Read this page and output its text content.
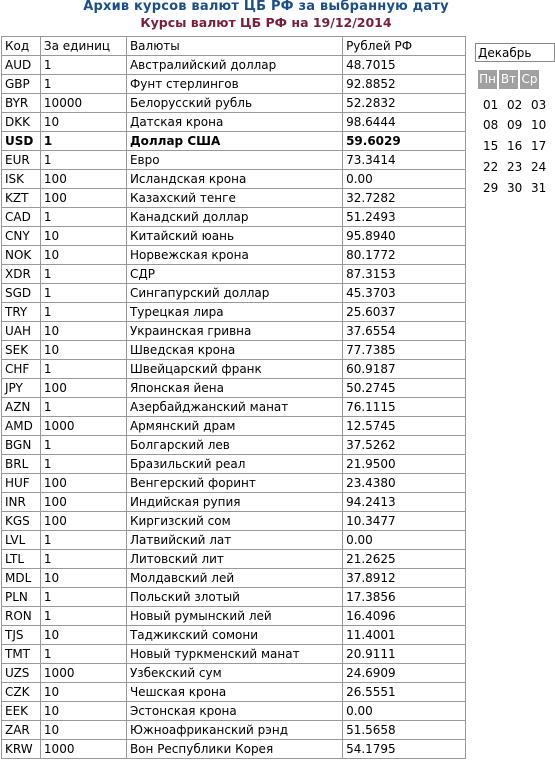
Архив курсов валют ЦБ РФ за выбранную дату
Курсы валют ЦБ РФ на 19/12/2014
Код	За единиц	Валюты	Рублей РФ
AUD	1	Австралийский доллар	48.7015
GBP	1	Фунт стерлингов	92.8852
BYR	10000	Белорусский рубль	52.2832
DKK	10	Датская крона	98.6444
USD	1	Доллар США	59.6029
EUR	1	Евро	73.3414
ISK	100	Исландская крона	0.00
KZT	100	Казахский тенге	32.7282
CAD	1	Канадский доллар	51.2493
CNY	10	Китайский юань	95.8940
NOK	10	Норвежская крона	80.1772
XDR	1	СДР	87.3153
SGD	1	Сингапурский доллар	45.3703
TRY	1	Турецкая лира	25.6037
UAH	10	Украинская гривна	37.6554
SEK	10	Шведская крона	77.7385
CHF	1	Швейцарский франк	60.9187
JPY	100	Японская йена	50.2745
AZN	1	Азербайджанский манат	76.1115
AMD	1000	Армянский драм	12.5745
BGN	1	Болгарский лев	37.5262
BRL	1	Бразильский реал	21.9500
HUF	100	Венгерский форинт	23.4380
INR	100	Индийская рупия	94.2413
KGS	100	Киргизский сом	10.3477
LVL	1	Латвийский лат	0.00
LTL	1	Литовский лит	21.2625
MDL	10	Молдавский лей	37.8912
PLN	1	Польский злотый	17.3856
RON	1	Новый румынский лей	16.4096
TJS	10	Таджикский сомони	11.4001
TMT	1	Новый туркменский манат	20.9111
UZS	1000	Узбекский сум	24.6909
CZK	10	Чешская крона	26.5551
EEK	10	Эстонская крона	0.00
ZAR	10	Южноафриканский рэнд	51.5658
KRW	1000	Вон Республики Корея	54.1795
Декабрь
Пн Вт Ср
01 02 03
08 09 10
15 16 17
22 23 24
29 30 31
